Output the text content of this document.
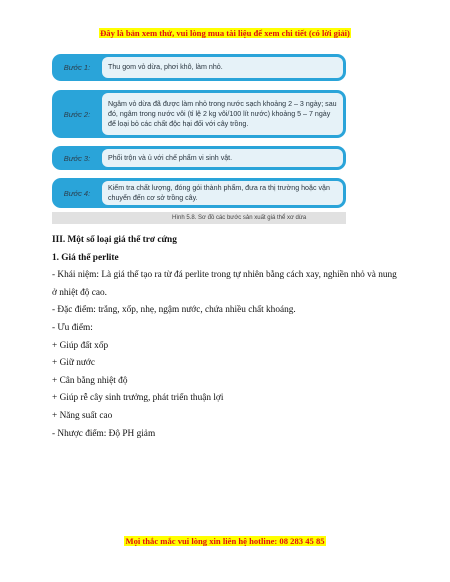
Đây là bản xem thử, vui lòng mua tài liệu để xem chi tiết (có lời giải)
Bước 1:	Thu gom vỏ dừa, phơi khô, làm nhỏ.
Bước 2:
Ngâm vỏ dừa đã được làm nhỏ trong nước sạch khoảng 2 – 3 ngày; sau đó, ngâm trong nước vôi (tỉ lệ 2 kg vôi/100 lít nước) khoảng 5 – 7 ngày để loại bỏ các chất độc hại đối với cây trồng.
Bước 3:	Phối trộn và ủ với chế phẩm vi sinh vật.
Bước 4:
Kiểm tra chất lượng, đóng gói thành phẩm, đưa ra thị trường hoặc vận chuyển đến cơ sở trồng cây.
Hình 5.8. Sơ đồ các bước sản xuất giá thể xơ dừa

III. Một số loại giá thể trơ cứng

1. Giá thể perlite

- Khái niệm: Là giá thể tạo ra từ đá perlite trong tự nhiên bằng cách xay, nghiền nhỏ và nung ở nhiệt độ cao.

- Đặc điểm: trắng, xốp, nhẹ, ngậm nước, chứa nhiều chất khoáng.

- Ưu điểm:

+ Giúp đất xốp

+ Giữ nước

+ Cân bằng nhiệt độ

+ Giúp rễ cây sinh trưởng, phát triển thuận lợi

+ Năng suất cao

- Nhược điểm: Độ PH giảm

Mọi thắc mắc vui lòng xin liên hệ hotline: 08 283 45 85
